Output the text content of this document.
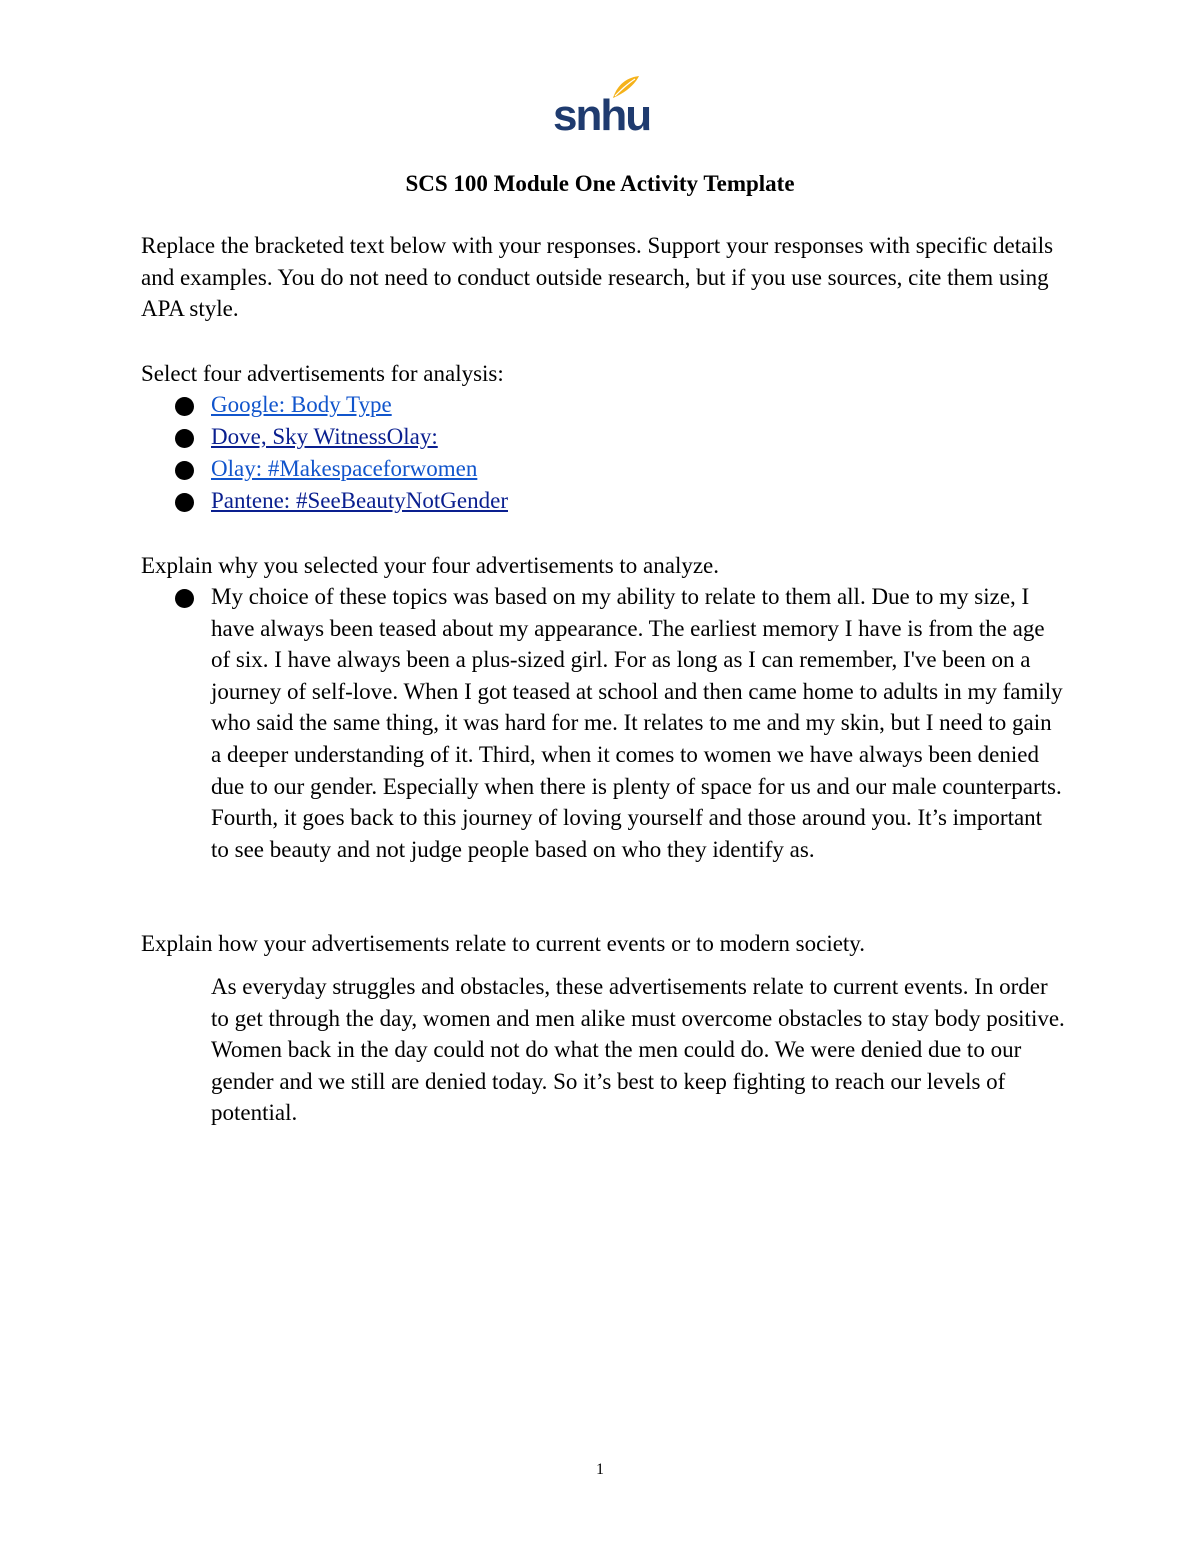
snhu
SCS 100 Module One Activity Template

Replace the bracketed text below with your responses. Support your responses with specific details and examples. You do not need to conduct outside research, but if you use sources, cite them using APA style.

Select four advertisements for analysis:

Google: Body Type
Dove, Sky WitnessOlay:
Olay: #Makespaceforwomen
Pantene: #SeeBeautyNotGender

Explain why you selected your four advertisements to analyze.

My choice of these topics was based on my ability to relate to them all. Due to my size, I have always been teased about my appearance. The earliest memory I have is from the age of six. I have always been a plus-sized girl. For as long as I can remember, I've been on a journey of self-love. When I got teased at school and then came home to adults in my family who said the same thing, it was hard for me. It relates to me and my skin, but I need to gain a deeper understanding of it. Third, when it comes to women we have always been denied due to our gender. Especially when there is plenty of space for us and our male counterparts. Fourth, it goes back to this journey of loving yourself and those around you. It’s important to see beauty and not judge people based on who they identify as.

Explain how your advertisements relate to current events or to modern society.

As everyday struggles and obstacles, these advertisements relate to current events. In order to get through the day, women and men alike must overcome obstacles to stay body positive. Women back in the day could not do what the men could do. We were denied due to our gender and we still are denied today. So it’s best to keep fighting to reach our levels of potential.

1
